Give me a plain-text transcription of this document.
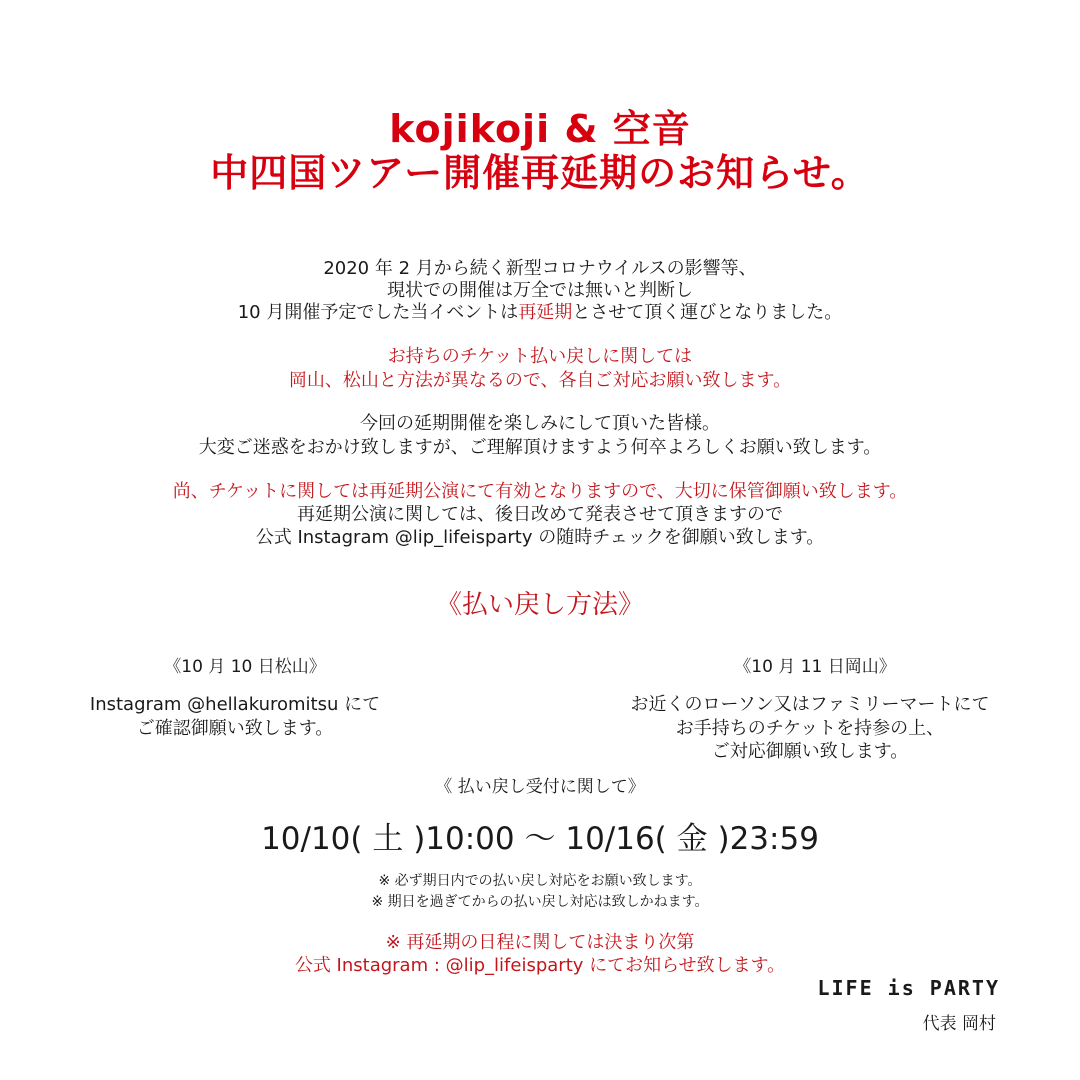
kojikoji & 空音
中四国ツアー開催再延期のお知らせ。
2020 年 2 月から続く新型コロナウイルスの影響等、
現状での開催は万全では無いと判断し
10 月開催予定でした当イベントは再延期とさせて頂く運びとなりました。
お持ちのチケット払い戻しに関しては
岡山、松山と方法が異なるので、各自ご対応お願い致します。
今回の延期開催を楽しみにして頂いた皆様。
大変ご迷惑をおかけ致しますが、ご理解頂けますよう何卒よろしくお願い致します。
尚、チケットに関しては再延期公演にて有効となりますので、大切に保管御願い致します。
再延期公演に関しては、後日改めて発表させて頂きますので
公式 Instagram @lip_lifeisparty の随時チェックを御願い致します。
《払い戻し方法》
《10 月 10 日松山》
Instagram @hellakuromitsu にて
ご確認御願い致します。
《10 月 11 日岡山》
お近くのローソン又はファミリーマートにて
お手持ちのチケットを持参の上、
ご対応御願い致します。
《 払い戻し受付に関して》
10/10( 土 )10:00 ～ 10/16( 金 )23:59
※ 必ず期日内での払い戻し対応をお願い致します。
※ 期日を過ぎてからの払い戻し対応は致しかねます。
※ 再延期の日程に関しては決まり次第
公式 Instagram : @lip_lifeisparty にてお知らせ致します。
LIFE is PARTY
代表 岡村
